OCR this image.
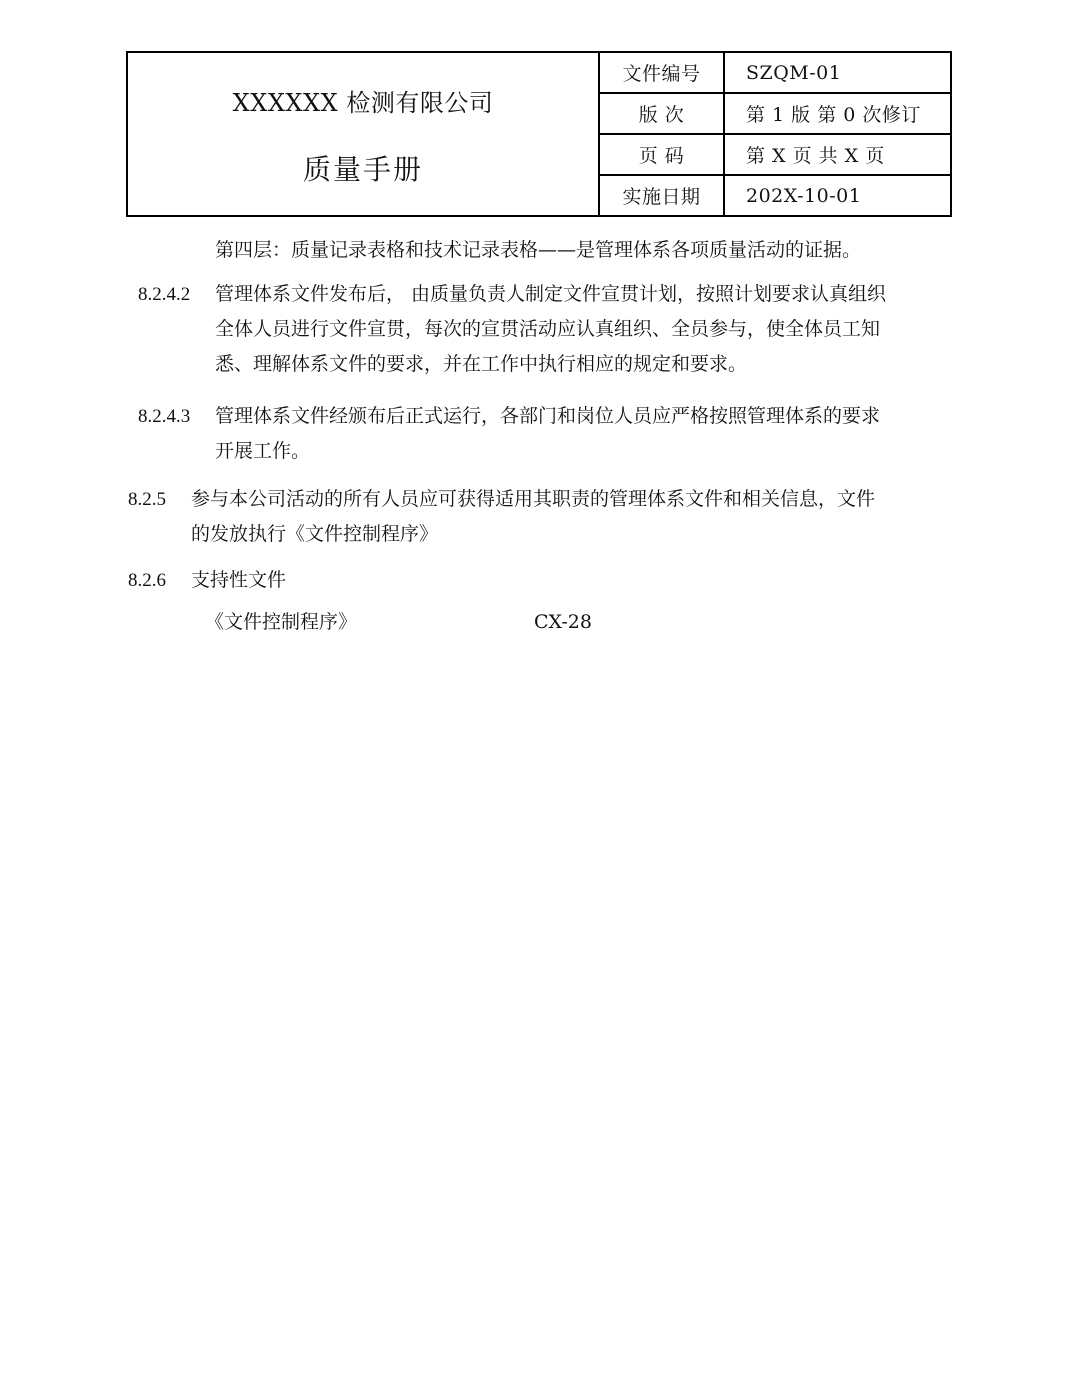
XXXXXX 检测有限公司
质量手册	文件编号	SZQM-01
	版 次	第 1 版 第 0 次修订
	页 码	第 X 页 共 X 页
	实施日期	202X-10-01
第四层：质量记录表格和技术记录表格——是管理体系各项质量活动的证据。
8.2.4.2 管理体系文件发布后， 由质量负责人制定文件宣贯计划，按照计划要求认真组织
全体人员进行文件宣贯，每次的宣贯活动应认真组织、全员参与，使全体员工知
悉、理解体系文件的要求，并在工作中执行相应的规定和要求。
8.2.4.3 管理体系文件经颁布后正式运行，各部门和岗位人员应严格按照管理体系的要求
开展工作。
8.2.5 参与本公司活动的所有人员应可获得适用其职责的管理体系文件和相关信息，文件
的发放执行《文件控制程序》
8.2.6 支持性文件
《文件控制程序》	CX-28
